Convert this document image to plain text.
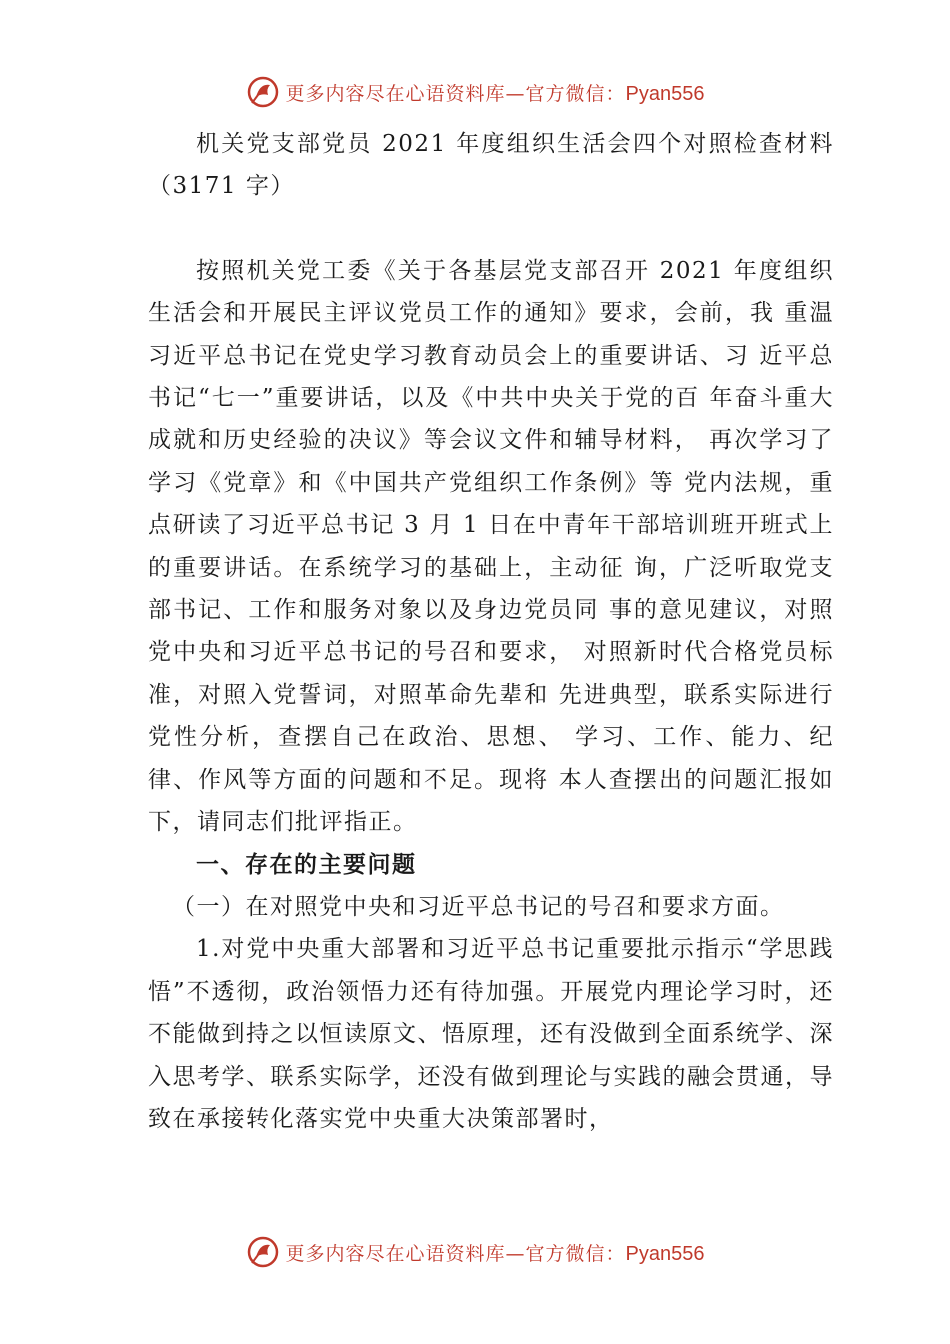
更多内容尽在心语资料库—官方微信：Pyan556

机关党支部党员 2021 年度组织生活会四个对照检查材料（3171 字）

按照机关党工委《关于各基层党支部召开 2021 年度组织生活会和开展民主评议党员工作的通知》要求，会前，我 重温习近平总书记在党史学习教育动员会上的重要讲话、习 近平总书记“七一”重要讲话，以及《中共中央关于党的百 年奋斗重大成就和历史经验的决议》等会议文件和辅导材料， 再次学习了学习《党章》和《中国共产党组织工作条例》等 党内法规，重点研读了习近平总书记 3 月 1 日在中青年干部培训班开班式上的重要讲话。在系统学习的基础上，主动征 询，广泛听取党支部书记、工作和服务对象以及身边党员同 事的意见建议，对照党中央和习近平总书记的号召和要求， 对照新时代合格党员标准，对照入党誓词，对照革命先辈和 先进典型，联系实际进行党性分析，查摆自己在政治、思想、 学习、工作、能力、纪律、作风等方面的问题和不足。现将 本人查摆出的问题汇报如下，请同志们批评指正。

一、存在的主要问题

（一）在对照党中央和习近平总书记的号召和要求方面。

1.对党中央重大部署和习近平总书记重要批示指示“学思践悟”不透彻，政治领悟力还有待加强。开展党内理论学习时，还不能做到持之以恒读原文、悟原理，还有没做到全面系统学、深入思考学、联系实际学，还没有做到理论与实践的融会贯通，导致在承接转化落实党中央重大决策部署时，

更多内容尽在心语资料库—官方微信：Pyan556
